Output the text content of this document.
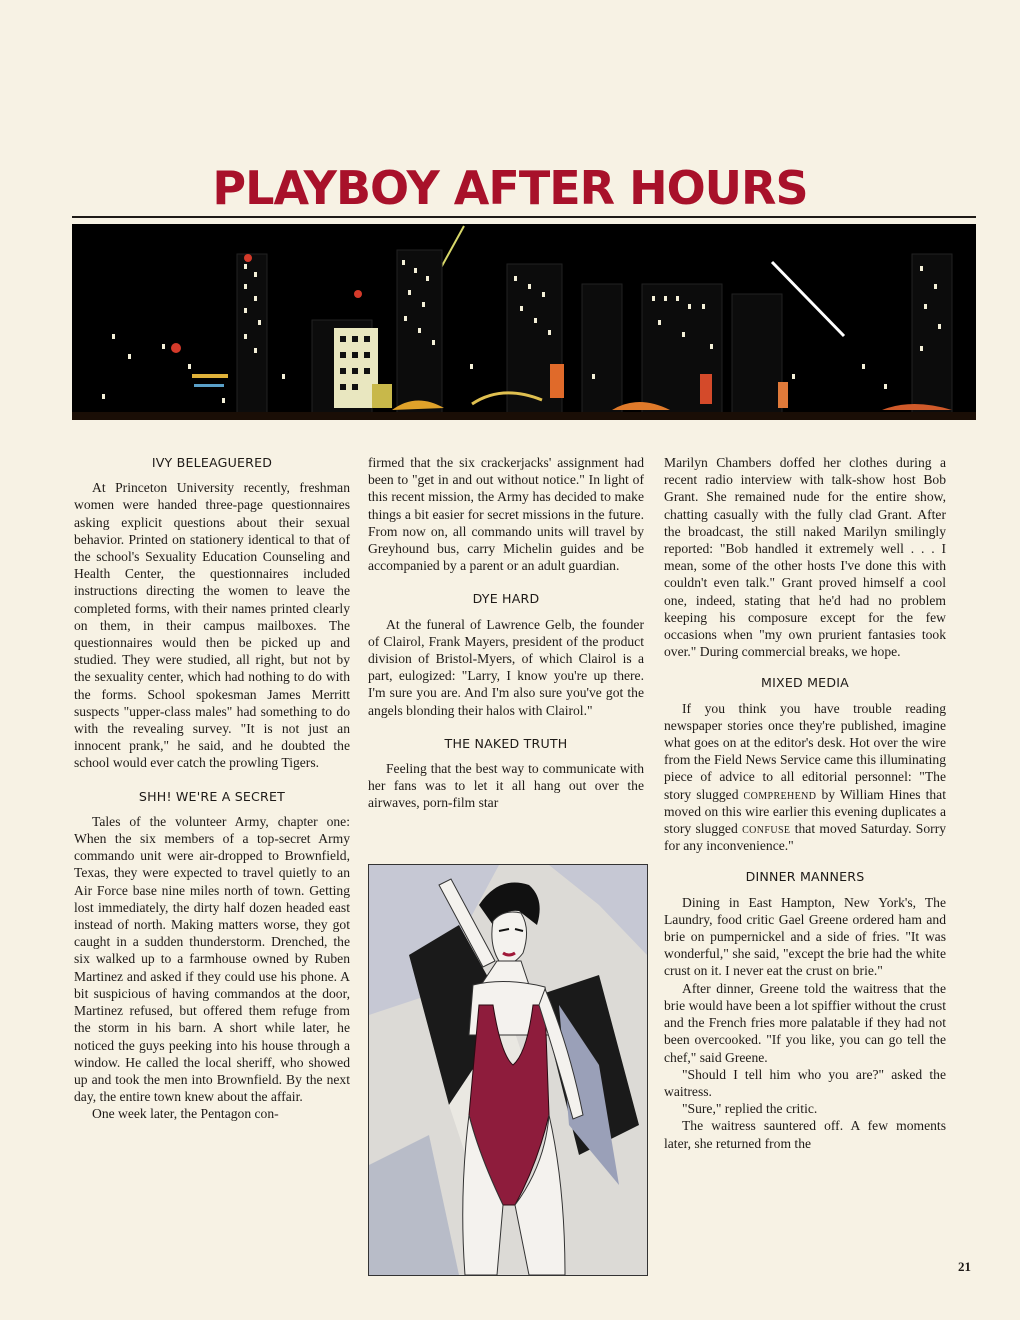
PLAYBOY AFTER HOURS
IVY BELEAGUERED

At Princeton University recently, freshman women were handed three-page questionnaires asking explicit questions about their sexual behavior. Printed on stationery identical to that of the school's Sexuality Education Counseling and Health Center, the questionnaires included instructions directing the women to leave the completed forms, with their names printed clearly on them, in their campus mailboxes. The questionnaires would then be picked up and studied. They were studied, all right, but not by the sexuality center, which had nothing to do with the forms. School spokesman James Merritt suspects "upper-class males" had something to do with the revealing survey. "It is not just an innocent prank," he said, and he doubted the school would ever catch the prowling Tigers.

SHH! WE'RE A SECRET

Tales of the volunteer Army, chapter one: When the six members of a top-secret Army commando unit were air-dropped to Brownfield, Texas, they were expected to travel quietly to an Air Force base nine miles north of town. Getting lost immediately, the dirty half dozen headed east instead of north. Making matters worse, they got caught in a sudden thunderstorm. Drenched, the six walked up to a farmhouse owned by Ruben Martinez and asked if they could use his phone. A bit suspicious of having commandos at the door, Martinez refused, but offered them refuge from the storm in his barn. A short while later, he noticed the guys peeking into his house through a window. He called the local sheriff, who showed up and took the men into Brownfield. By the next day, the entire town knew about the affair.

One week later, the Pentagon con-

firmed that the six crackerjacks' assignment had been to "get in and out without notice." In light of this recent mission, the Army has decided to make things a bit easier for secret missions in the future. From now on, all commando units will travel by Greyhound bus, carry Michelin guides and be accompanied by a parent or an adult guardian.

DYE HARD

At the funeral of Lawrence Gelb, the founder of Clairol, Frank Mayers, president of the product division of Bristol-Myers, of which Clairol is a part, eulogized: "Larry, I know you're up there. I'm sure you are. And I'm also sure you've got the angels blonding their halos with Clairol."

THE NAKED TRUTH

Feeling that the best way to communicate with her fans was to let it all hang out over the airwaves, porn-film star

Marilyn Chambers doffed her clothes during a recent radio interview with talk-show host Bob Grant. She remained nude for the entire show, chatting casually with the fully clad Grant. After the broadcast, the still naked Marilyn smilingly reported: "Bob handled it extremely well . . . I mean, some of the other hosts I've done this with couldn't even talk." Grant proved himself a cool one, indeed, stating that he'd had no problem keeping his composure except for the few occasions when "my own prurient fantasies took over." During commercial breaks, we hope.

MIXED MEDIA

If you think you have trouble reading newspaper stories once they're published, imagine what goes on at the editor's desk. Hot over the wire from the Field News Service came this illuminating piece of advice to all editorial personnel: "The story slugged comprehend by William Hines that moved on this wire earlier this evening duplicates a story slugged confuse that moved Saturday. Sorry for any inconvenience."

DINNER MANNERS

Dining in East Hampton, New York's, The Laundry, food critic Gael Greene ordered ham and brie on pumpernickel and a side of fries. "It was wonderful," she said, "except the brie had the white crust on it. I never eat the crust on brie."

After dinner, Greene told the waitress that the brie would have been a lot spiffier without the crust and the French fries more palatable if they had not been overcooked. "If you like, you can go tell the chef," said Greene.

"Should I tell him who you are?" asked the waitress.

"Sure," replied the critic.

The waitress sauntered off. A few moments later, she returned from the

21
